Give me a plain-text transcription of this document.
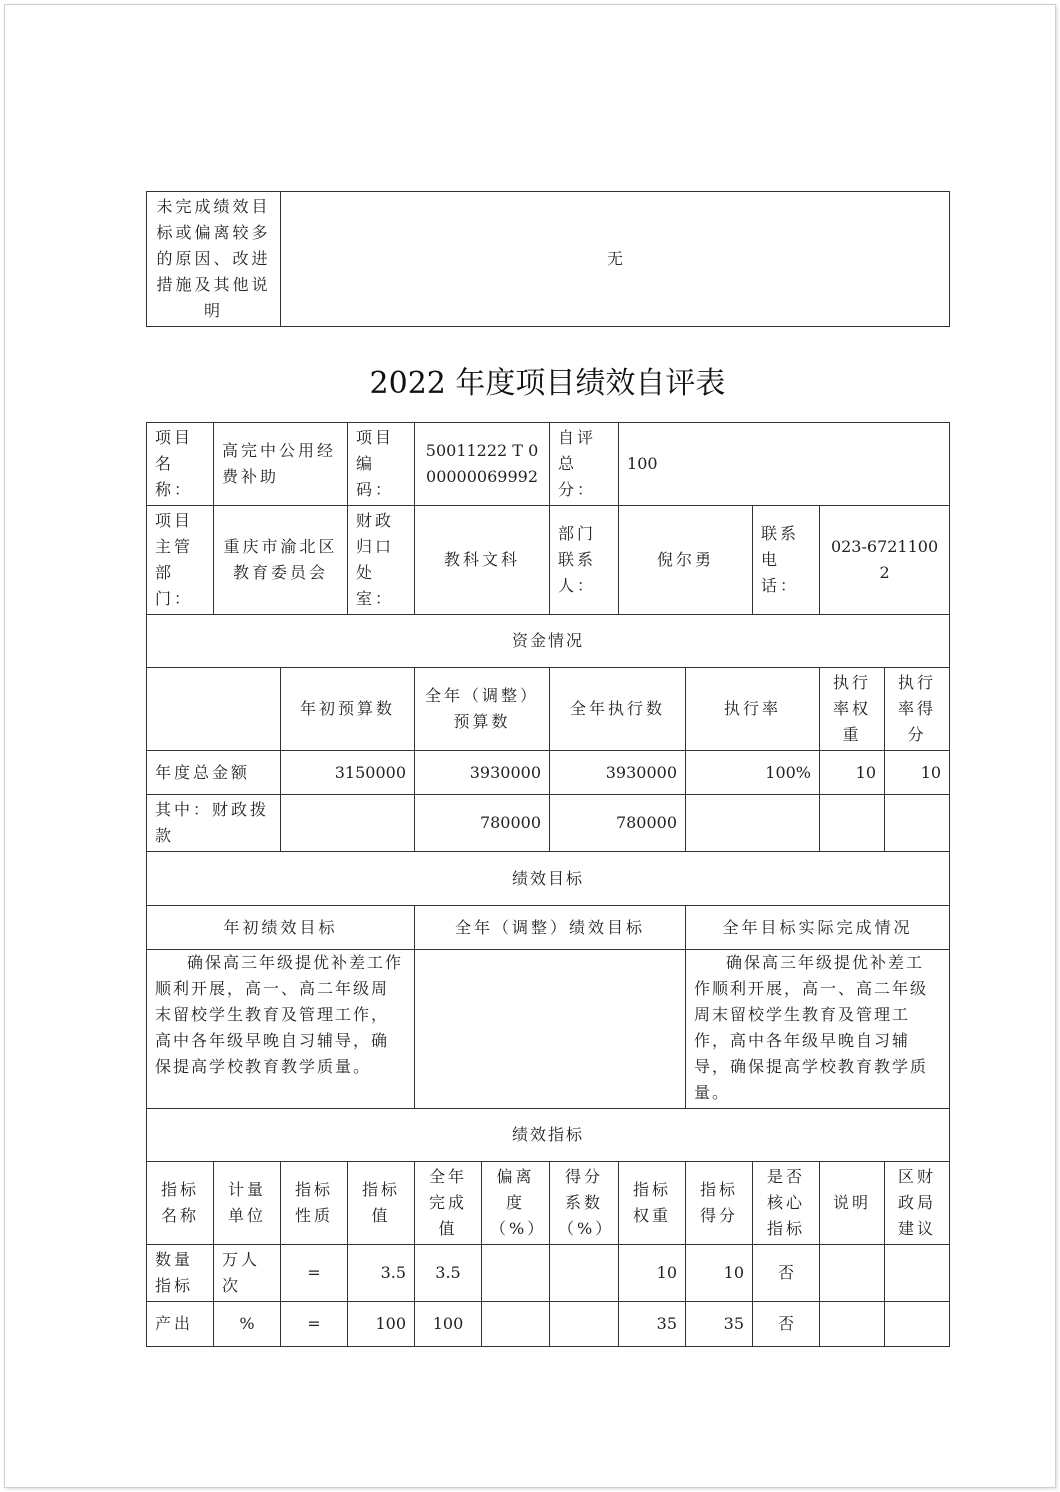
未完成绩效目标或偏离较多的原因、改进措施及其他说明	无
2022 年度项目绩效自评表
项目名称：	高完中公用经费补助		项目编码：	50011222 T 000000069992		自评总分：	100				
项目主管部门：	重庆市渝北区教育委员会		财政归口处室：	教科文科		部门联系人：	倪尔勇		联系电话：	023-67211002	
资金情况											
		年初预算数		全年（调整）预算数		全年执行数		执行率		执行率权重	执行率得分
年度总金额		3150000		3930000		3930000		100%		10	10
其中：财政拨款				780000		780000					
绩效目标											
年初绩效目标				全年（调整）绩效目标				全年目标实际完成情况			
确保高三年级提优补差工作顺利开展，高一、高二年级周末留校学生教育及管理工作，高中各年级早晚自习辅导，确保提高学校教育教学质量。								确保高三年级提优补差工作顺利开展，高一、高二年级周末留校学生教育及管理工作，高中各年级早晚自习辅导，确保提高学校教育教学质量。			
绩效指标											
指标名称	计量单位	指标性质	指标值	全年完成值	偏离度（%）	得分系数（%）	指标权重	指标得分	是否核心指标	说明	区财政局建议
数量指标	万人次	=	3.5	3.5			10	10	否		
产出	%	=	100	100			35	35	否		
